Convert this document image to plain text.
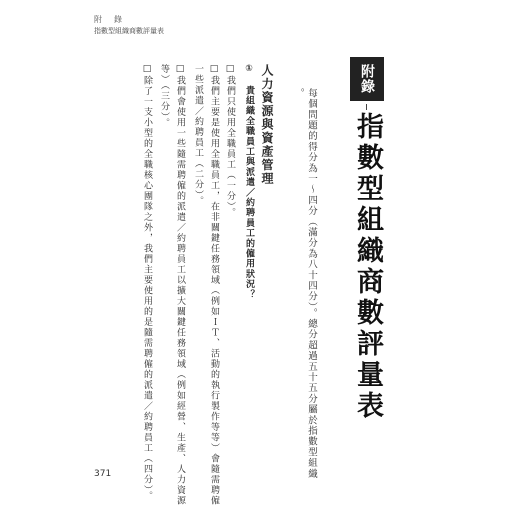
附　錄
指數型組織商數評量表
附錄
指數型組織商數評量表
每個問題的得分為一～四分（滿分為八十四分）。總分超過五十五分屬於指數型組織
。
人力資源與資產管理
①　貴組織全職員工與派遣／約聘員工的僱用狀況？
□我們只使用全職員工（一分）。
□我們主要是使用全職員工，在非關鍵任務領域（例如ＩＴ、活動的執行製作等等）會隨需聘僱
一些派遣／約聘員工（二分）。
□我們會使用一些隨需聘僱的派遣／約聘員工以擴大關鍵任務領域（例如經營、生產、人力資源
等）（三分）。
□除了一支小型的全職核心團隊之外，我們主要使用的是隨需聘僱的派遣／約聘員工（四分）。
371
